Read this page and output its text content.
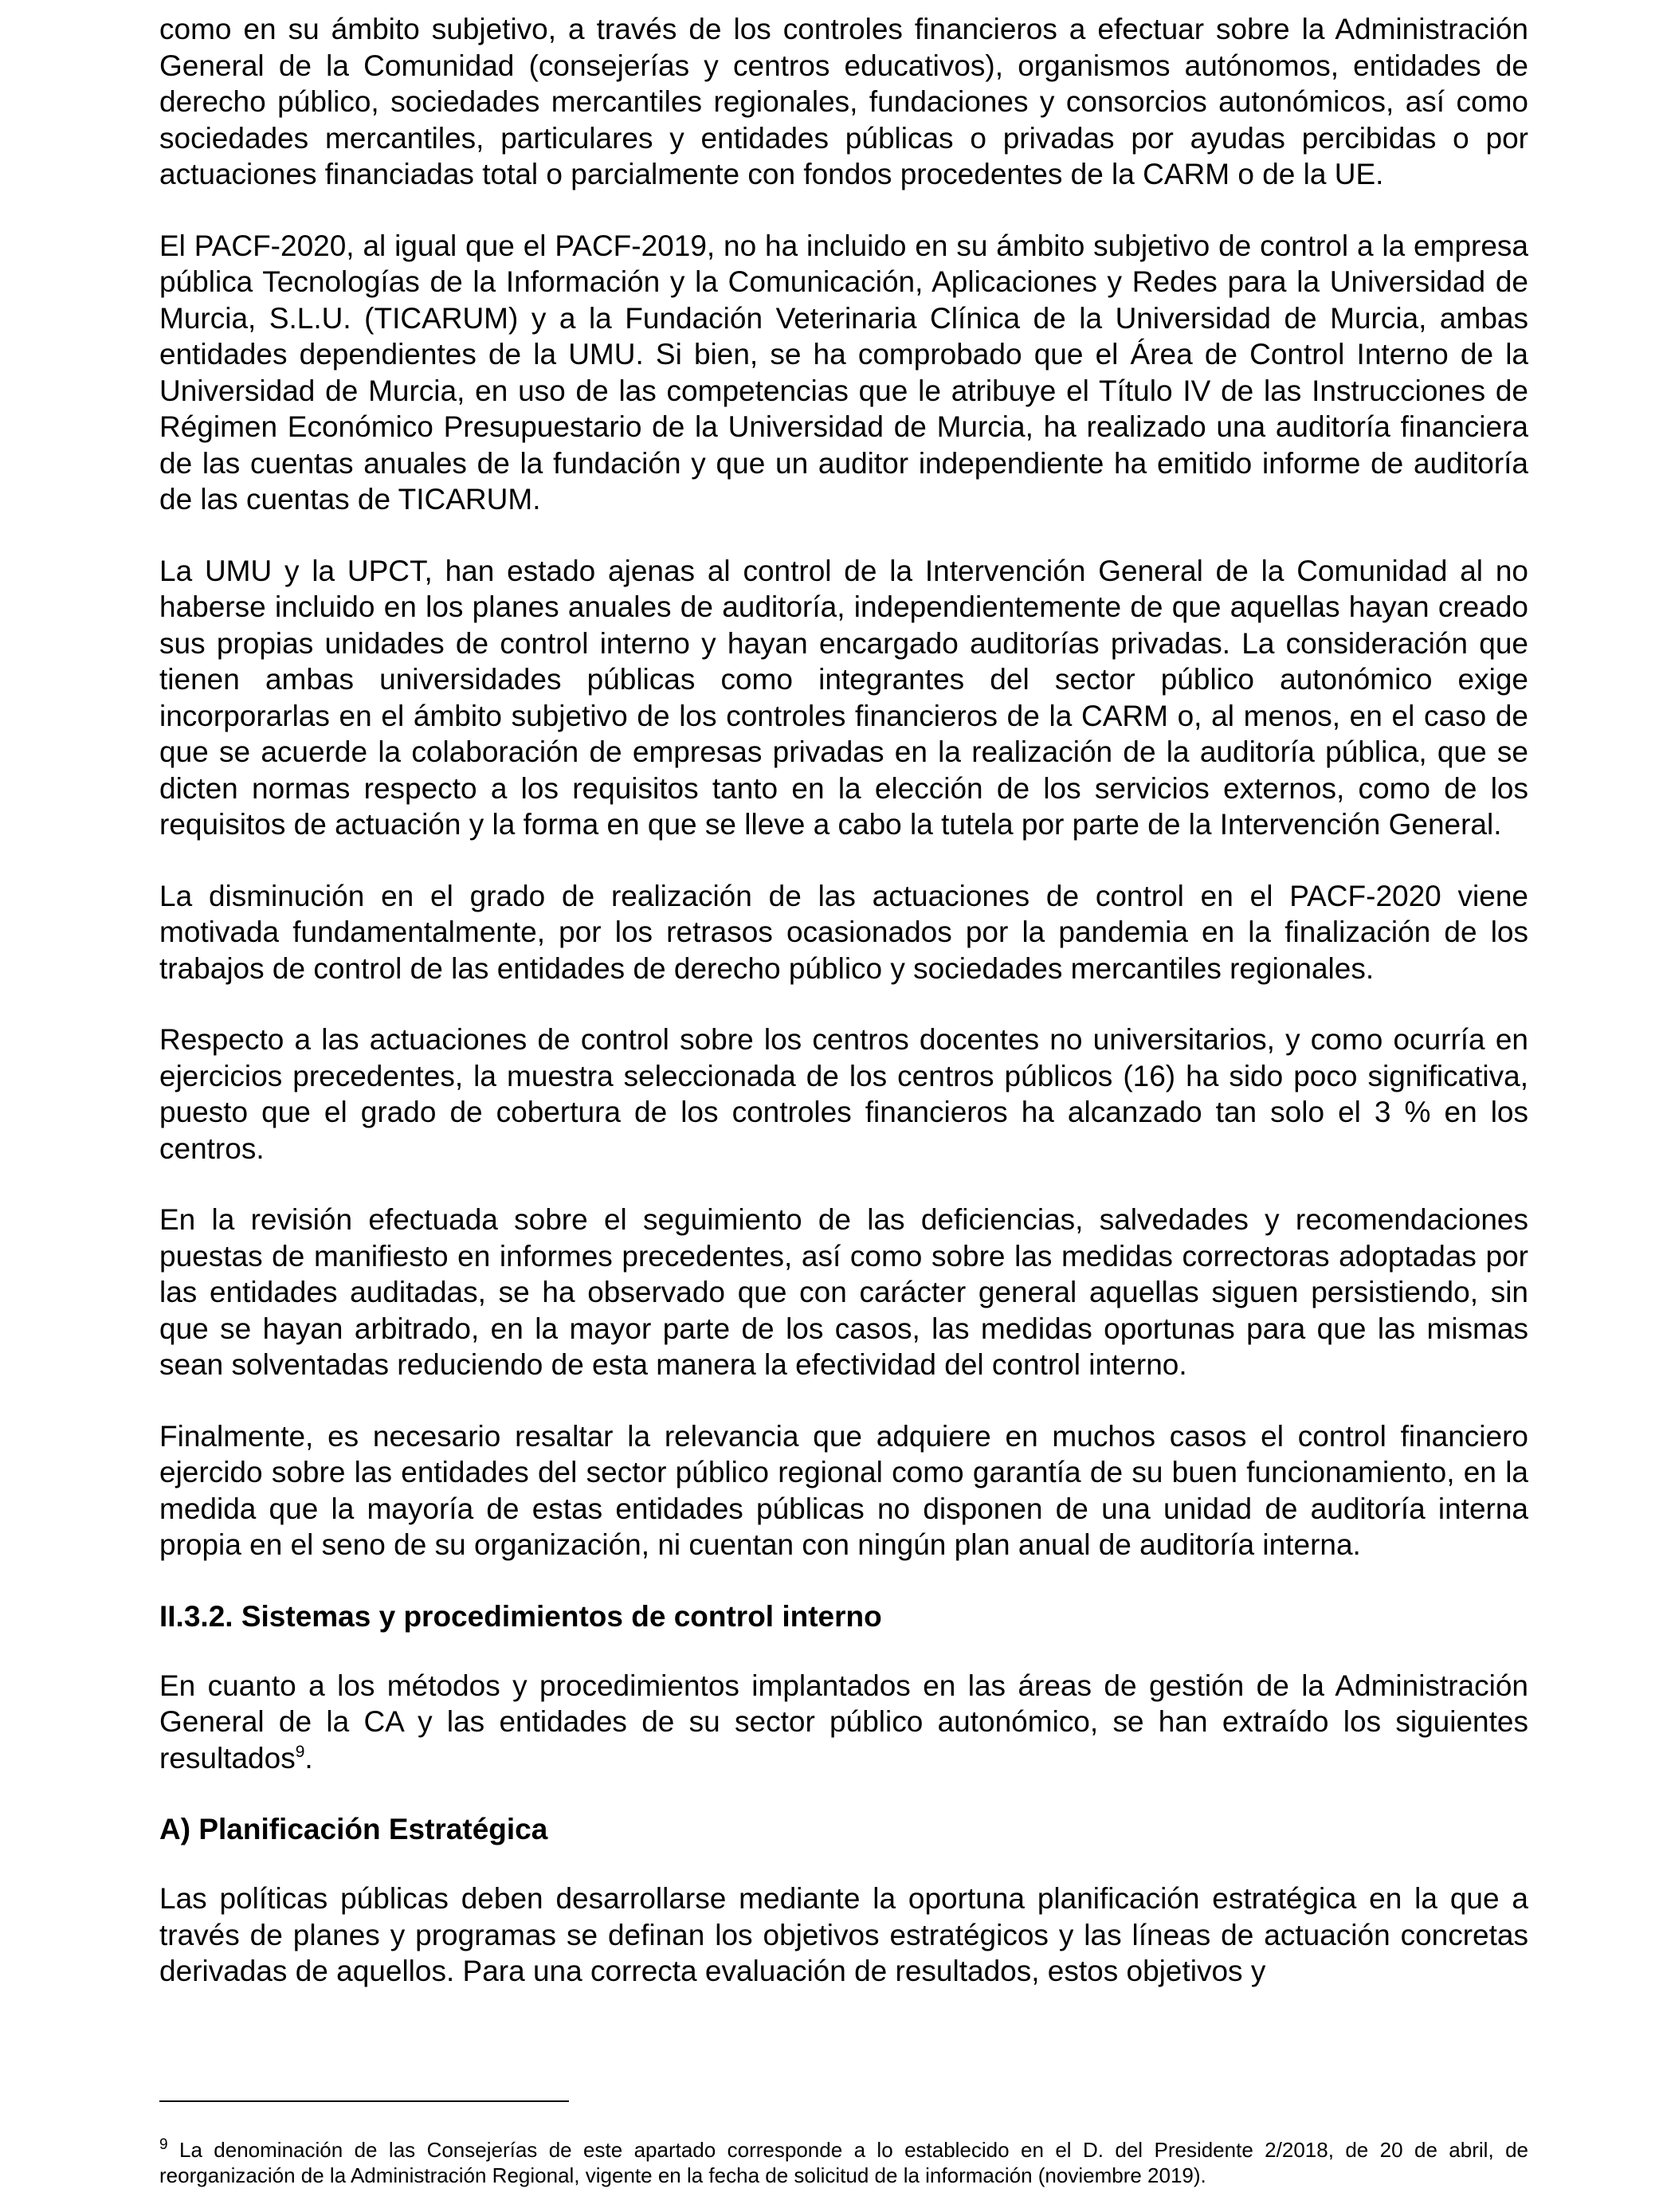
como en su ámbito subjetivo, a través de los controles financieros a efectuar sobre la Administración General de la Comunidad (consejerías y centros educativos), organismos autónomos, entidades de derecho público, sociedades mercantiles regionales, fundaciones y consorcios autonómicos, así como sociedades mercantiles, particulares y entidades públicas o privadas por ayudas percibidas o por actuaciones financiadas total o parcialmente con fondos procedentes de la CARM o de la UE.

El PACF-2020, al igual que el PACF-2019, no ha incluido en su ámbito subjetivo de control a la empresa pública Tecnologías de la Información y la Comunicación, Aplicaciones y Redes para la Universidad de Murcia, S.L.U. (TICARUM) y a la Fundación Veterinaria Clínica de la Universidad de Murcia, ambas entidades dependientes de la UMU. Si bien, se ha comprobado que el Área de Control Interno de la Universidad de Murcia, en uso de las competencias que le atribuye el Título IV de las Instrucciones de Régimen Económico Presupuestario de la Universidad de Murcia, ha realizado una auditoría financiera de las cuentas anuales de la fundación y que un auditor independiente ha emitido informe de auditoría de las cuentas de TICARUM.

La UMU y la UPCT, han estado ajenas al control de la Intervención General de la Comunidad al no haberse incluido en los planes anuales de auditoría, independientemente de que aquellas hayan creado sus propias unidades de control interno y hayan encargado auditorías privadas. La consideración que tienen ambas universidades públicas como integrantes del sector público autonómico exige incorporarlas en el ámbito subjetivo de los controles financieros de la CARM o, al menos, en el caso de que se acuerde la colaboración de empresas privadas en la realización de la auditoría pública, que se dicten normas respecto a los requisitos tanto en la elección de los servicios externos, como de los requisitos de actuación y la forma en que se lleve a cabo la tutela por parte de la Intervención General.

La disminución en el grado de realización de las actuaciones de control en el PACF-2020 viene motivada fundamentalmente, por los retrasos ocasionados por la pandemia en la finalización de los trabajos de control de las entidades de derecho público y sociedades mercantiles regionales.

Respecto a las actuaciones de control sobre los centros docentes no universitarios, y como ocurría en ejercicios precedentes, la muestra seleccionada de los centros públicos (16) ha sido poco significativa, puesto que el grado de cobertura de los controles financieros ha alcanzado tan solo el 3 % en los centros.

En la revisión efectuada sobre el seguimiento de las deficiencias, salvedades y recomendaciones puestas de manifiesto en informes precedentes, así como sobre las medidas correctoras adoptadas por las entidades auditadas, se ha observado que con carácter general aquellas siguen persistiendo, sin que se hayan arbitrado, en la mayor parte de los casos, las medidas oportunas para que las mismas sean solventadas reduciendo de esta manera la efectividad del control interno.

Finalmente, es necesario resaltar la relevancia que adquiere en muchos casos el control financiero ejercido sobre las entidades del sector público regional como garantía de su buen funcionamiento, en la medida que la mayoría de estas entidades públicas no disponen de una unidad de auditoría interna propia en el seno de su organización, ni cuentan con ningún plan anual de auditoría interna.

II.3.2. Sistemas y procedimientos de control interno

En cuanto a los métodos y procedimientos implantados en las áreas de gestión de la Administración General de la CA y las entidades de su sector público autonómico, se han extraído los siguientes resultados$^9$.

A) Planificación Estratégica

Las políticas públicas deben desarrollarse mediante la oportuna planificación estratégica en la que a través de planes y programas se definan los objetivos estratégicos y las líneas de actuación concretas derivadas de aquellos. Para una correcta evaluación de resultados, estos objetivos y

$^9$ La denominación de las Consejerías de este apartado corresponde a lo establecido en el D. del Presidente 2/2018, de 20 de abril, de reorganización de la Administración Regional, vigente en la fecha de solicitud de la información (noviembre 2019).
